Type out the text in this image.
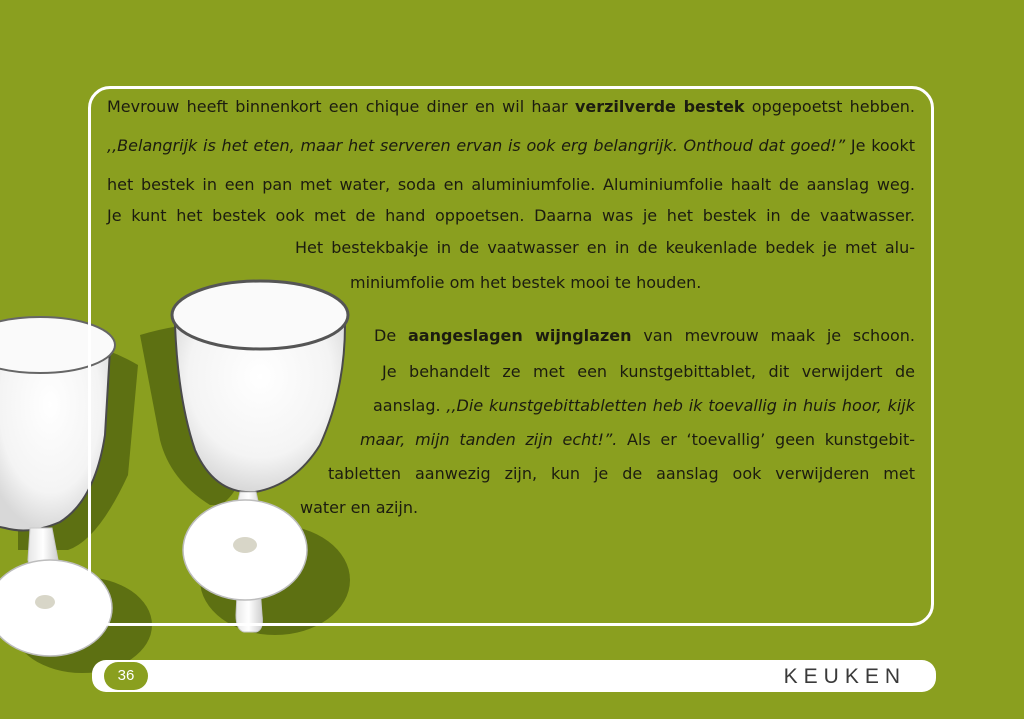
Mevrouw heeft binnenkort een chique diner en wil haar verzilverde bestek opgepoetst hebben.
,,Belangrijk is het eten, maar het serveren ervan is ook erg belangrijk. Onthoud dat goed!” Je kookt
het bestek in een pan met water, soda en aluminiumfolie. Aluminiumfolie haalt de aanslag weg.
Je kunt het bestek ook met de hand oppoetsen. Daarna was je het bestek in de vaatwasser.
Het bestekbakje in de vaatwasser en in de keukenlade bedek je met alu-
miniumfolie om het bestek mooi te houden.
De aangeslagen wijnglazen van mevrouw maak je schoon.
Je behandelt ze met een kunstgebittablet, dit verwijdert de
aanslag. ,,Die kunstgebittabletten heb ik toevallig in huis hoor, kijk
maar, mijn tanden zijn echt!”. Als er ‘toevallig’ geen kunstgebit-
tabletten aanwezig zijn, kun je de aanslag ook verwijderen met
water en azijn.
36	KEUKEN
